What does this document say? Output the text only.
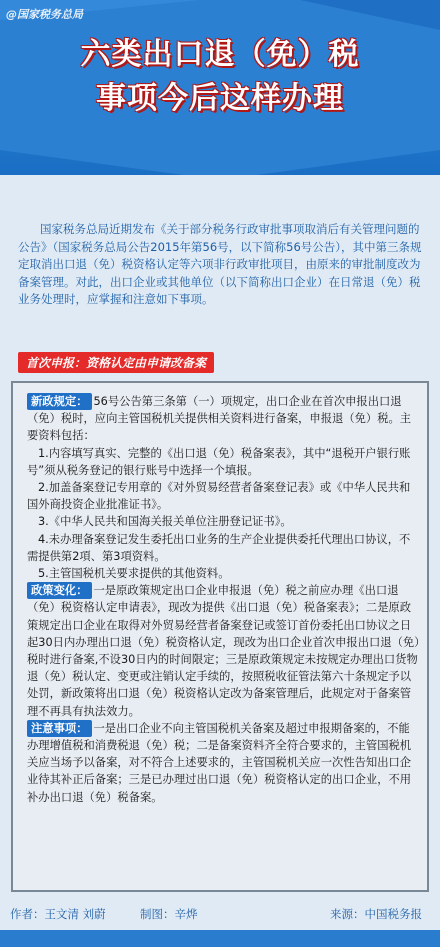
@国家税务总局
六类出口退（免）税
事项今后这样办理
国家税务总局近期发布《关于部分税务行政审批事项取消后有关管理问题的公告》（国家税务总局公告2015年第56号，以下简称56号公告），其中第三条规定取消出口退（免）税资格认定等六项非行政审批项目，由原来的审批制度改为备案管理。对此，出口企业或其他单位（以下简称出口企业）在日常退（免）税业务处理时，应掌握和注意如下事项。
首次申报：资格认定由申请改备案

新政规定： 56号公告第三条第（一）项规定，出口企业在首次申报出口退（免）税时，应向主管国税机关提供相关资料进行备案，申报退（免）税。主要资料包括：

1.内容填写真实、完整的《出口退（免）税备案表》，其中“退税开户银行账号”须从税务登记的银行账号中选择一个填报。

2.加盖备案登记专用章的《对外贸易经营者备案登记表》或《中华人民共和国外商投资企业批准证书》。

3.《中华人民共和国海关报关单位注册登记证书》。

4.未办理备案登记发生委托出口业务的生产企业提供委托代理出口协议，不需提供第2項、第3項资料。

5.主管国税机关要求提供的其他资料。

政策变化： 一是原政策规定出口企业申报退（免）税之前应办理《出口退（免）税资格认定申请表》，现改为提供《出口退（免）税备案表》；二是原政策规定出口企业在取得对外贸易经营者备案登记或签订首份委托出口协议之日起30日内办理出口退（免）税资格认定，现改为出口企业首次申报出口退（免）税时进行备案,不设30日内的时间限定；三是原政策规定未按规定办理出口货物退（免）税认定、变更或注销认定手续的，按照税收征管法第六十条规定予以处罚，新政策将出口退（免）税资格认定改为备案管理后，此规定对于备案管理不再具有执法效力。

注意事项： 一是出口企业不向主管国税机关备案及超过申报期备案的，不能办理增值税和消费税退（免）税；二是备案资料齐全符合要求的，主管国税机关应当场予以备案，对不符合上述要求的，主管国税机关应一次性告知出口企业待其补正后备案；三是已办理过出口退（免）税资格认定的出口企业，不用补办出口退（免）税备案。

作者：王文清 刘蔚	制图：辛烨	来源：中国税务报
